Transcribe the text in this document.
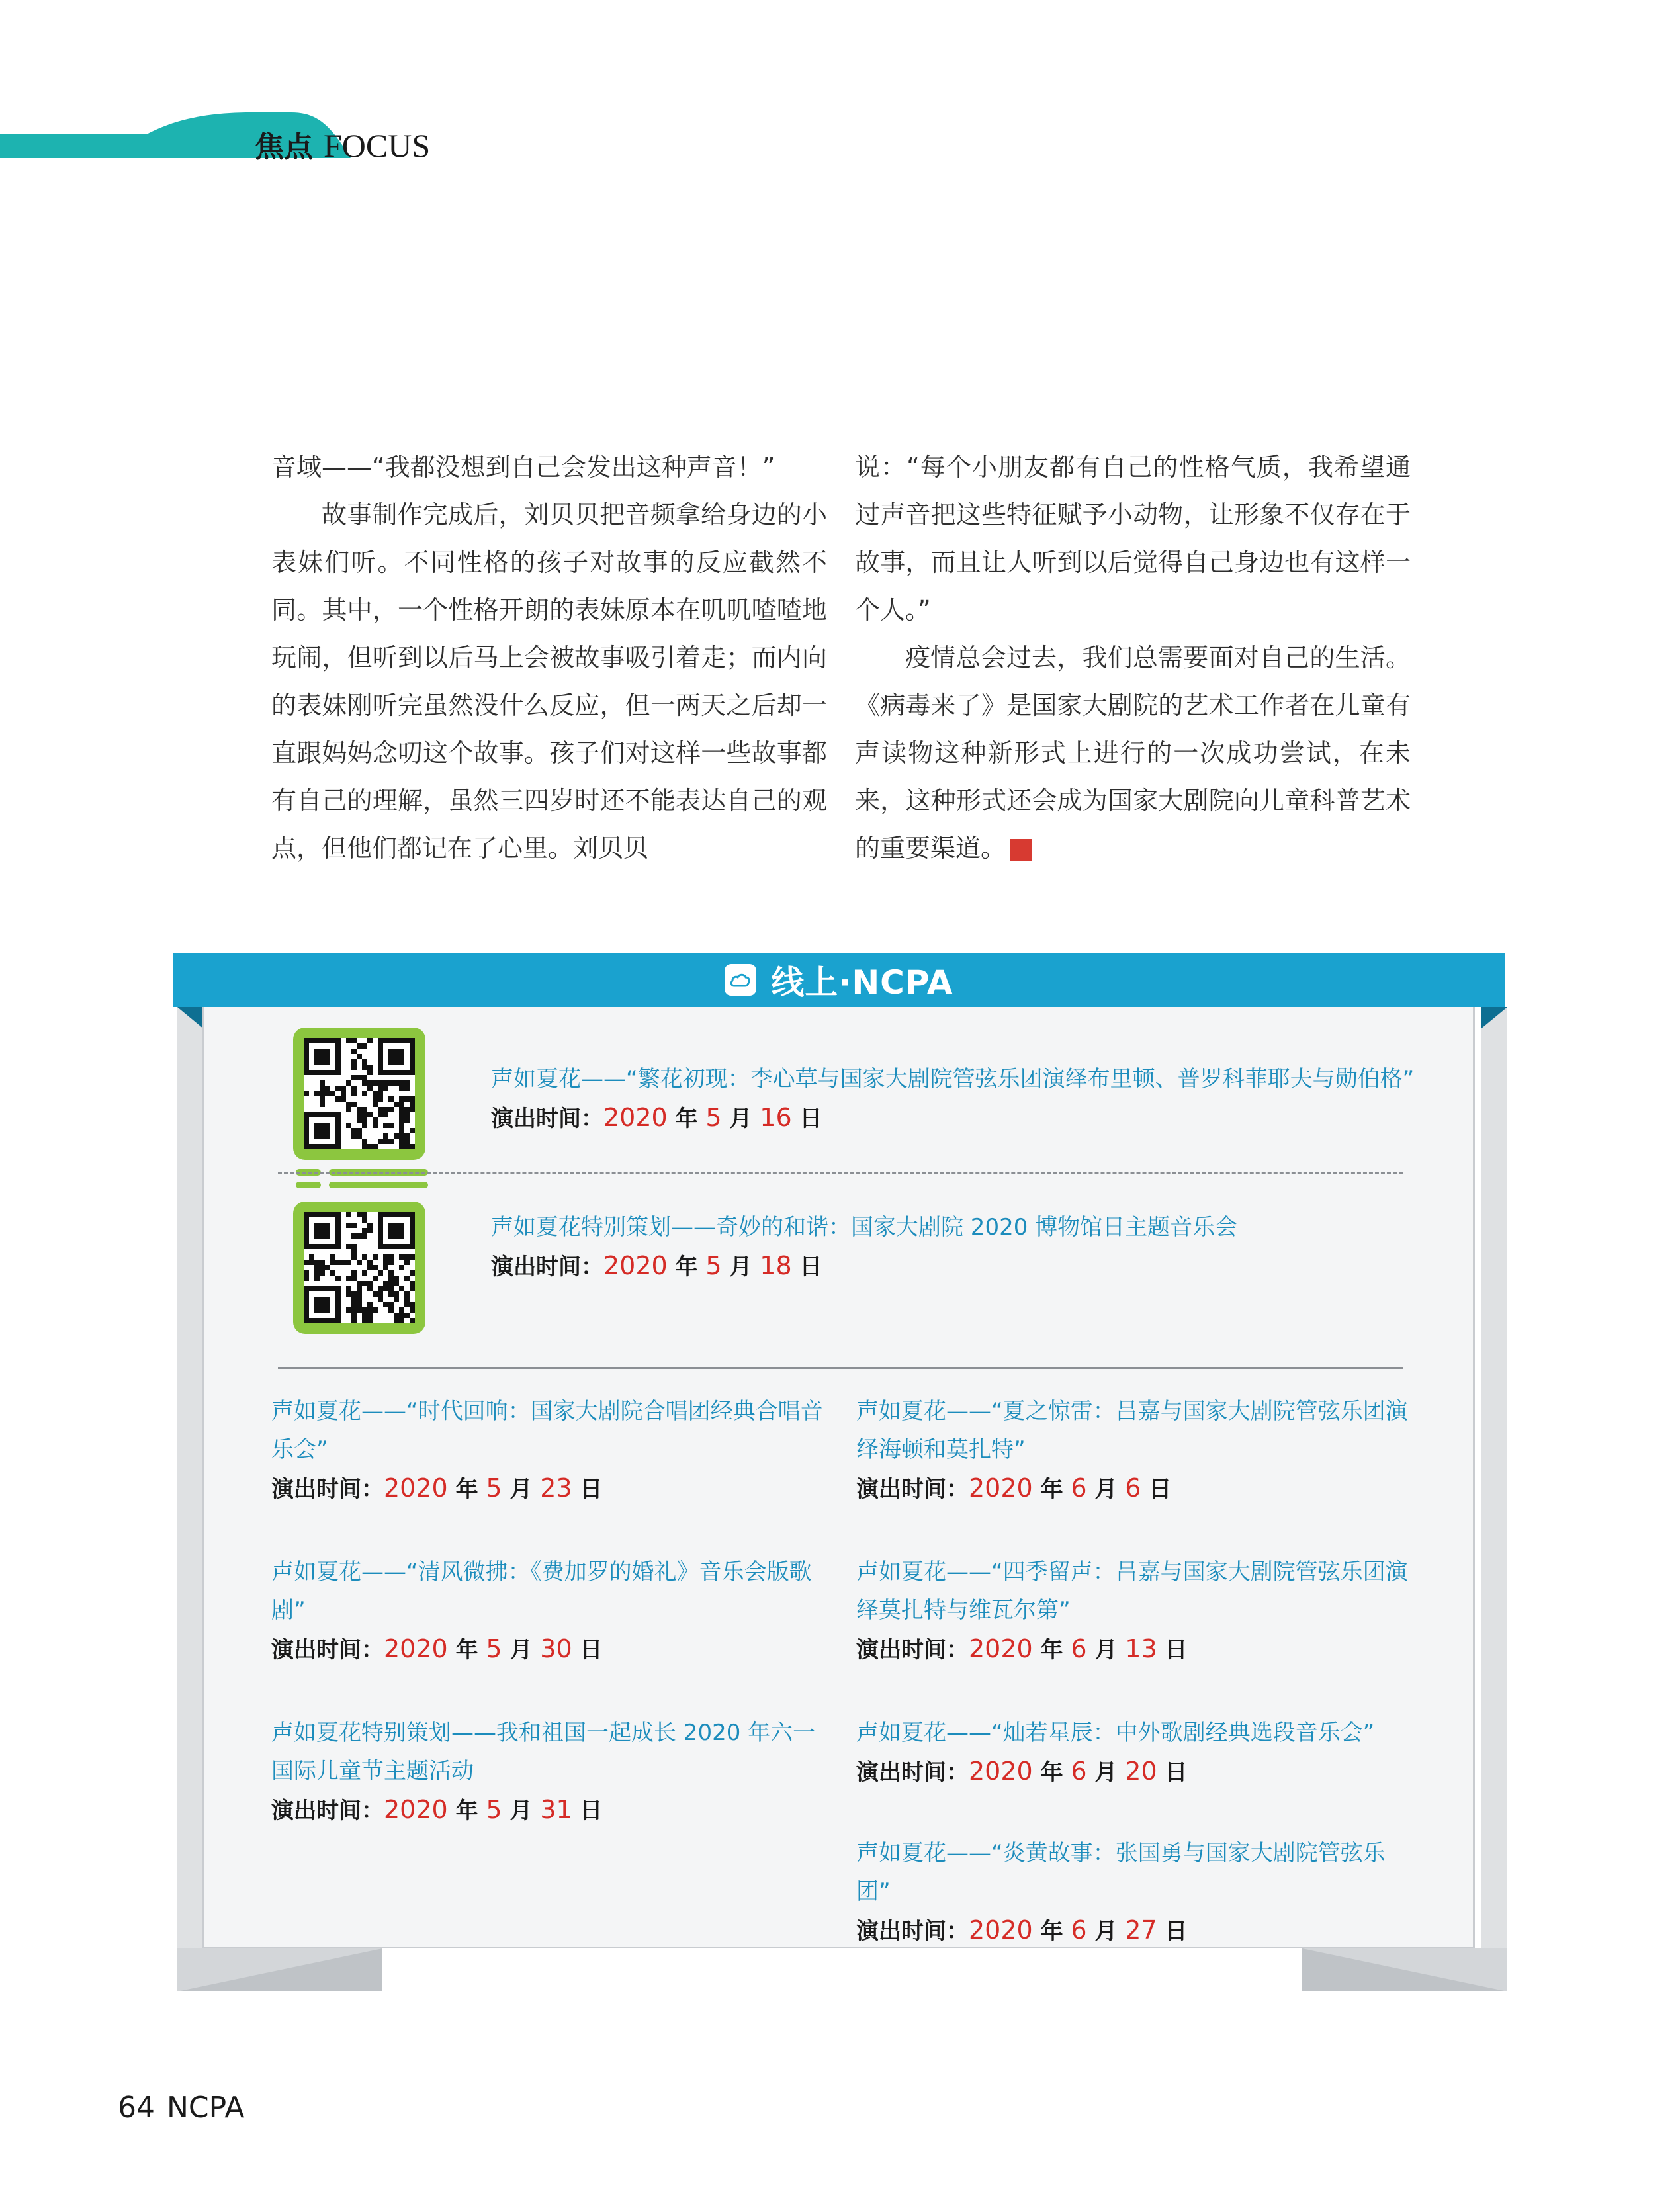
焦点 FOCUS

音域——“我都没想到自己会发出这种声音！”

故事制作完成后，刘贝贝把音频拿给身边的小表妹们听。不同性格的孩子对故事的反应截然不同。其中，一个性格开朗的表妹原本在叽叽喳喳地玩闹，但听到以后马上会被故事吸引着走；而内向的表妹刚听完虽然没什么反应，但一两天之后却一直跟妈妈念叨这个故事。孩子们对这样一些故事都有自己的理解，虽然三四岁时还不能表达自己的观点，但他们都记在了心里。刘贝贝

说：“每个小朋友都有自己的性格气质，我希望通过声音把这些特征赋予小动物，让形象不仅存在于故事，而且让人听到以后觉得自己身边也有这样一个人。”

疫情总会过去，我们总需要面对自己的生活。《病毒来了》是国家大剧院的艺术工作者在儿童有声读物这种新形式上进行的一次成功尝试，在未来，这种形式还会成为国家大剧院向儿童科普艺术的重要渠道。	NCPA

线上·NCPA
声如夏花——“繁花初现：李心草与国家大剧院管弦乐团演绎布里顿、普罗科菲耶夫与勋伯格”
演出时间：2020 年 5 月 16 日
声如夏花特别策划——奇妙的和谐：国家大剧院 2020 博物馆日主题音乐会
演出时间：2020 年 5 月 18 日
声如夏花——“时代回响：国家大剧院合唱团经典合唱音乐会”
演出时间：2020 年 5 月 23 日
声如夏花——“清风微拂：《费加罗的婚礼》音乐会版歌剧”
演出时间：2020 年 5 月 30 日
声如夏花特别策划——我和祖国一起成长 2020 年六一国际儿童节主题活动
演出时间：2020 年 5 月 31 日
声如夏花——“夏之惊雷：吕嘉与国家大剧院管弦乐团演绎海顿和莫扎特”
演出时间：2020 年 6 月 6 日
声如夏花——“四季留声：吕嘉与国家大剧院管弦乐团演绎莫扎特与维瓦尔第”
演出时间：2020 年 6 月 13 日
声如夏花——“灿若星辰：中外歌剧经典选段音乐会”
演出时间：2020 年 6 月 20 日
声如夏花——“炎黄故事：张国勇与国家大剧院管弦乐团”
演出时间：2020 年 6 月 27 日
64 NCPA
